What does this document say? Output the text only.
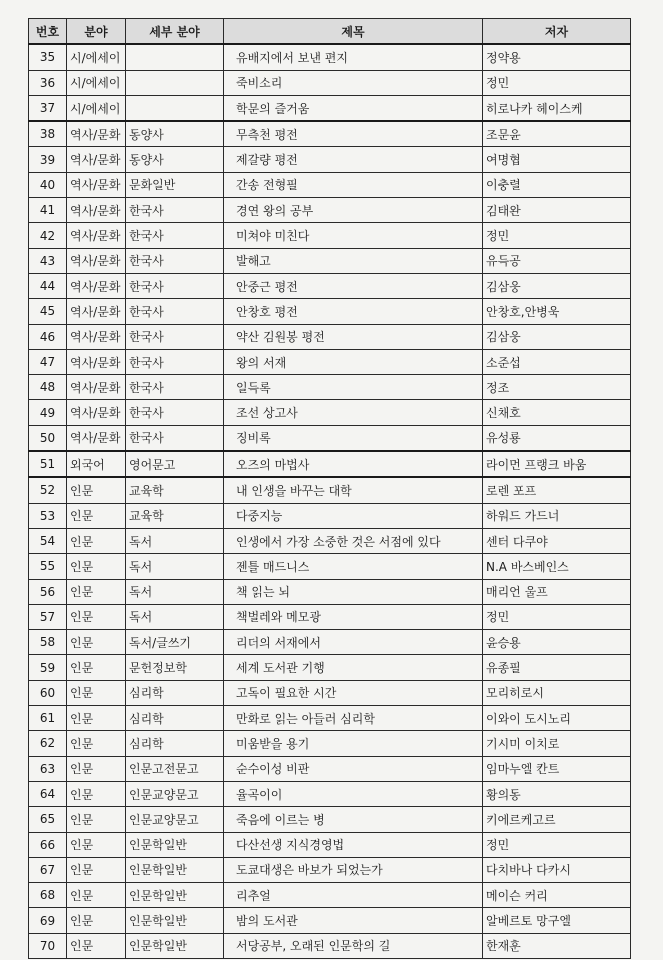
번호	분야	세부 분야	제목	저자
35	시/에세이		유배지에서 보낸 편지	정약용
36	시/에세이		죽비소리	정민
37	시/에세이		학문의 즐거움	히로나카 헤이스케
38	역사/문화	동양사	무측천 평전	조문윤
39	역사/문화	동양사	제갈량 평전	여명협
40	역사/문화	문화일반	간송 전형필	이충렬
41	역사/문화	한국사	경연 왕의 공부	김태완
42	역사/문화	한국사	미쳐야 미친다	정민
43	역사/문화	한국사	발해고	유득공
44	역사/문화	한국사	안중근 평전	김삼웅
45	역사/문화	한국사	안창호 평전	안창호,안병욱
46	역사/문화	한국사	약산 김원봉 평전	김삼웅
47	역사/문화	한국사	왕의 서재	소준섭
48	역사/문화	한국사	일득록	정조
49	역사/문화	한국사	조선 상고사	신채호
50	역사/문화	한국사	징비록	유성룡
51	외국어	영어문고	오즈의 마법사	라이먼 프랭크 바움
52	인문	교육학	내 인생을 바꾸는 대학	로렌 포프
53	인문	교육학	다중지능	하워드 가드너
54	인문	독서	인생에서 가장 소중한 것은 서점에 있다	센터 다쿠야
55	인문	독서	젠틀 매드니스	N.A 바스베인스
56	인문	독서	책 읽는 뇌	매리언 울프
57	인문	독서	책벌레와 메모광	정민
58	인문	독서/글쓰기	리더의 서재에서	윤승용
59	인문	문헌정보학	세계 도서관 기행	유종필
60	인문	심리학	고독이 필요한 시간	모리히로시
61	인문	심리학	만화로 읽는 아들러 심리학	이와이 도시노리
62	인문	심리학	미움받을 용기	기시미 이치로
63	인문	인문고전문고	순수이성 비판	임마누엘 칸트
64	인문	인문교양문고	율곡이이	황의동
65	인문	인문교양문고	죽음에 이르는 병	키에르케고르
66	인문	인문학일반	다산선생 지식경영법	정민
67	인문	인문학일반	도쿄대생은 바보가 되었는가	다치바나 다카시
68	인문	인문학일반	리추얼	메이슨 커리
69	인문	인문학일반	밤의 도서관	알베르토 망구엘
70	인문	인문학일반	서당공부, 오래된 인문학의 길	한재훈
